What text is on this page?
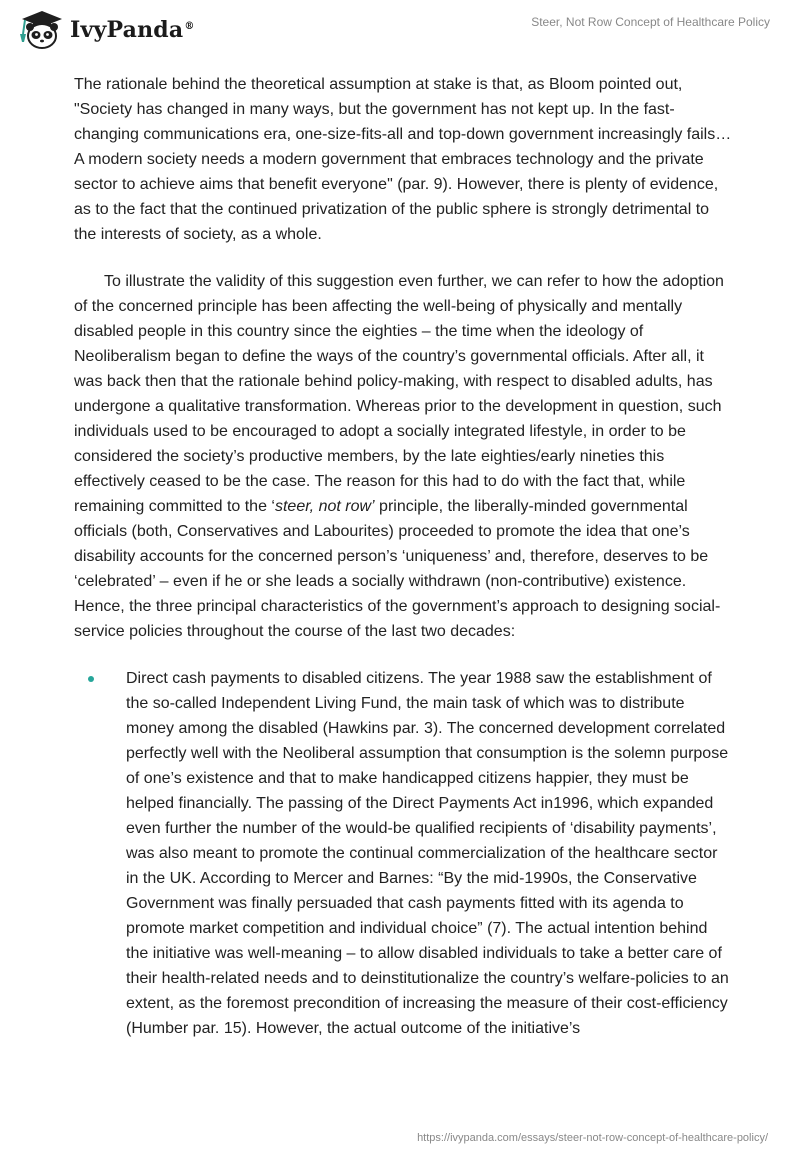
IvyPanda®	Steer, Not Row Concept of Healthcare Policy

The rationale behind the theoretical assumption at stake is that, as Bloom pointed out, "Society has changed in many ways, but the government has not kept up. In the fast-changing communications era, one-size-fits-all and top-down government increasingly fails… A modern society needs a modern government that embraces technology and the private sector to achieve aims that benefit everyone" (par. 9). However, there is plenty of evidence, as to the fact that the continued privatization of the public sphere is strongly detrimental to the interests of society, as a whole.

To illustrate the validity of this suggestion even further, we can refer to how the adoption of the concerned principle has been affecting the well-being of physically and mentally disabled people in this country since the eighties – the time when the ideology of Neoliberalism began to define the ways of the country’s governmental officials. After all, it was back then that the rationale behind policy-making, with respect to disabled adults, has undergone a qualitative transformation. Whereas prior to the development in question, such individuals used to be encouraged to adopt a socially integrated lifestyle, in order to be considered the society’s productive members, by the late eighties/early nineties this effectively ceased to be the case. The reason for this had to do with the fact that, while remaining committed to the ‘steer, not row’ principle, the liberally-minded governmental officials (both, Conservatives and Labourites) proceeded to promote the idea that one’s disability accounts for the concerned person’s ‘uniqueness’ and, therefore, deserves to be ‘celebrated’ – even if he or she leads a socially withdrawn (non-contributive) existence. Hence, the three principal characteristics of the government’s approach to designing social-service policies throughout the course of the last two decades:

Direct cash payments to disabled citizens. The year 1988 saw the establishment of the so-called Independent Living Fund, the main task of which was to distribute money among the disabled (Hawkins par. 3). The concerned development correlated perfectly well with the Neoliberal assumption that consumption is the solemn purpose of one’s existence and that to make handicapped citizens happier, they must be helped financially. The passing of the Direct Payments Act in1996, which expanded even further the number of the would-be qualified recipients of ‘disability payments’, was also meant to promote the continual commercialization of the healthcare sector in the UK. According to Mercer and Barnes: “By the mid-1990s, the Conservative Government was finally persuaded that cash payments fitted with its agenda to promote market competition and individual choice” (7). The actual intention behind the initiative was well-meaning – to allow disabled individuals to take a better care of their health-related needs and to deinstitutionalize the country’s welfare-policies to an extent, as the foremost precondition of increasing the measure of their cost-efficiency (Humber par. 15). However, the actual outcome of the initiative’s
https://ivypanda.com/essays/steer-not-row-concept-of-healthcare-policy/
